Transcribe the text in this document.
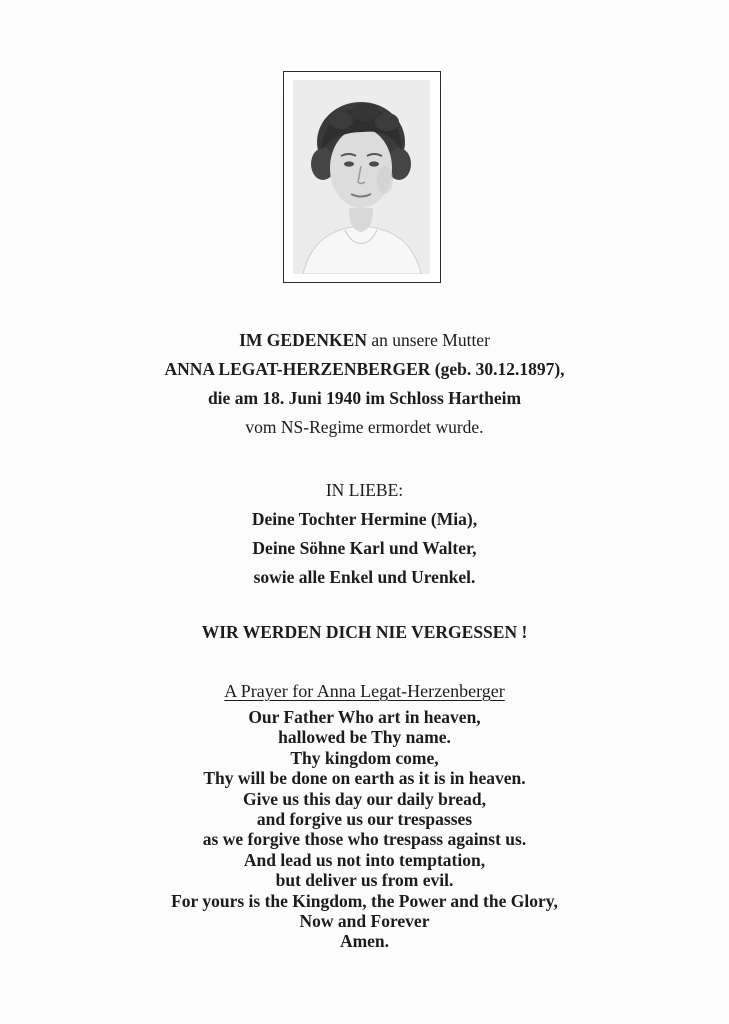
IM GEDENKEN an unsere Mutter
ANNA LEGAT-HERZENBERGER (geb. 30.12.1897),
die am 18. Juni 1940 im Schloss Hartheim
vom NS-Regime ermordet wurde.
IN LIEBE:
Deine Tochter Hermine (Mia),
Deine Söhne Karl und Walter,
sowie alle Enkel und Urenkel.
WIR WERDEN DICH NIE VERGESSEN !
A Prayer for Anna Legat-Herzenberger
Our Father Who art in heaven,
hallowed be Thy name.
Thy kingdom come,
Thy will be done on earth as it is in heaven.
Give us this day our daily bread,
and forgive us our trespasses
as we forgive those who trespass against us.
And lead us not into temptation,
but deliver us from evil.
For yours is the Kingdom, the Power and the Glory,
Now and Forever
Amen.
